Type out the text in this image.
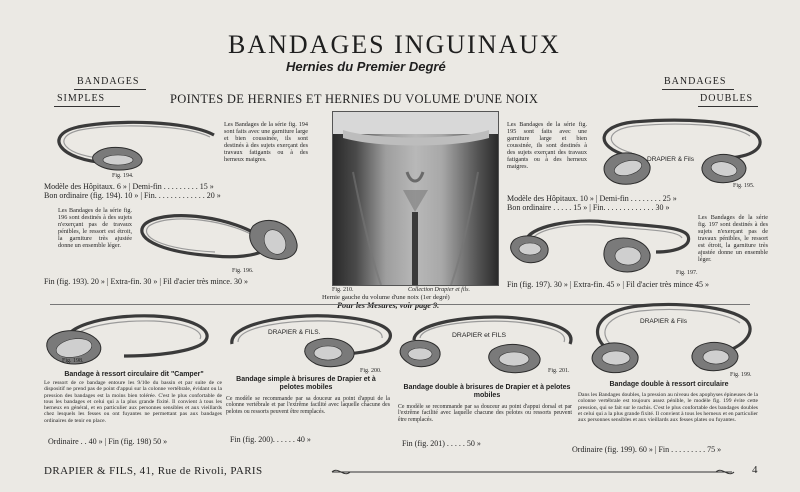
BANDAGES INGUINAUX
Hernies du Premier Degré
BANDAGES
SIMPLES
BANDAGES
DOUBLES
POINTES DE HERNIES ET HERNIES DU VOLUME D'UNE NOIX
Fig. 194.
Les Bandages de la série fig. 194 sont faits avec une garniture large et bien coussinée, ils sont destinés à des sujets exerçant des travaux fatigants ou à des herneux maigres.
Modèle des Hôpitaux. 6 » | Demi-fin . . . . . . . . . 15 »
Bon ordinaire (fig. 194). 10 » | Fin. . . . . . . . . . . . . 20 »
Les Bandages de la série fig. 196 sont destinés à des sujets n'exerçant pas de travaux pénibles, le ressort est étroit, la garniture très ajustée donne un ensemble léger.
Fig. 196.
Fin (fig. 193). 20 » | Extra-fin. 30 » | Fil d'acier très mince. 30 »
Fig. 210.	Collection Drapier et fils.
Hernie gauche du volume d'une noix (1er degré)
Pour les Mesures, voir page 9.
Les Bandages de la série fig. 195 sont faits avec une garniture large et bien coussinée, ils sont destinés à des sujets exerçant des travaux fatigants ou à des herneux maigres.
DRAPIER & Fils
Fig. 195.
Modèle des Hôpitaux. 10 » | Demi-fin . . . . . . . . 25 »
Bon ordinaire . . . . . 15 » | Fin. . . . . . . . . . . . . 30 »
Les Bandages de la série fig. 197 sont destinés à des sujets n'exerçant pas de travaux pénibles, le ressort est étroit, la garniture très ajustée donne un ensemble léger.
Fig. 197.
Fin (fig. 197). 30 » | Extra-fin. 45 » | Fil d'acier très mince 45 »
Fig. 198.
Bandage à ressort circulaire dit "Camper"
Le ressort de ce bandage entoure les 9/10e du bassin et par suite de ce dispositif ne prend pas de point d'appui sur la colonne vertébrale, évidant ou la pression des bandages est la moins bien tolérée. C'est le plus confortable de tous les bandages et celui qui a la plus grande fixité. Il convient à tous les herneux en général, et en particulier aux personnes sensibles et aux vieillards chez lesquels les fesses ou ont fuyantes ne permettant pas aux bandages ordinaires de tenir en place.
Ordinaire . . 40 » | Fin (fig. 198) 50 »
DRAPIER & FILS.
Fig. 200.
Bandage simple à brisures de Drapier et à pelotes mobiles
Ce modèle se recommande par sa douceur au point d'appui de la colonne vertébrale et par l'extrême facilité avec laquelle chacune des pelotes ou ressorts peuvent être remplacés.
Fin (fig. 200). . . . . . 40 »
DRAPIER et FILS
Fig. 201.
Bandage double à brisures de Drapier et à pelotes mobiles
Ce modèle se recommande par sa douceur au point d'appui dorsal et par l'extrême facilité avec laquelle chacune des pelotes ou ressorts peuvent être remplacés.
Fin (fig. 201) . . . . . 50 »
DRAPIER & Fils
Fig. 199.
Bandage double à ressort circulaire
Dans les Bandages doubles, la pression au niveau des apophyses épineuses de la colonne vertébrale est toujours assez pénible, le modèle fig. 199 évite cette pression, qui se fait sur le rachis. C'est le plus confortable des bandages doubles et celui qui a la plus grande fixité. Il convient à tous les herneux et en particulier aux personnes sensibles et aux vieillards aux fesses plates ou fuyantes.
Ordinaire (fig. 199). 60 » | Fin . . . . . . . . . 75 »
DRAPIER & FILS, 41, Rue de Rivoli, PARIS	4
